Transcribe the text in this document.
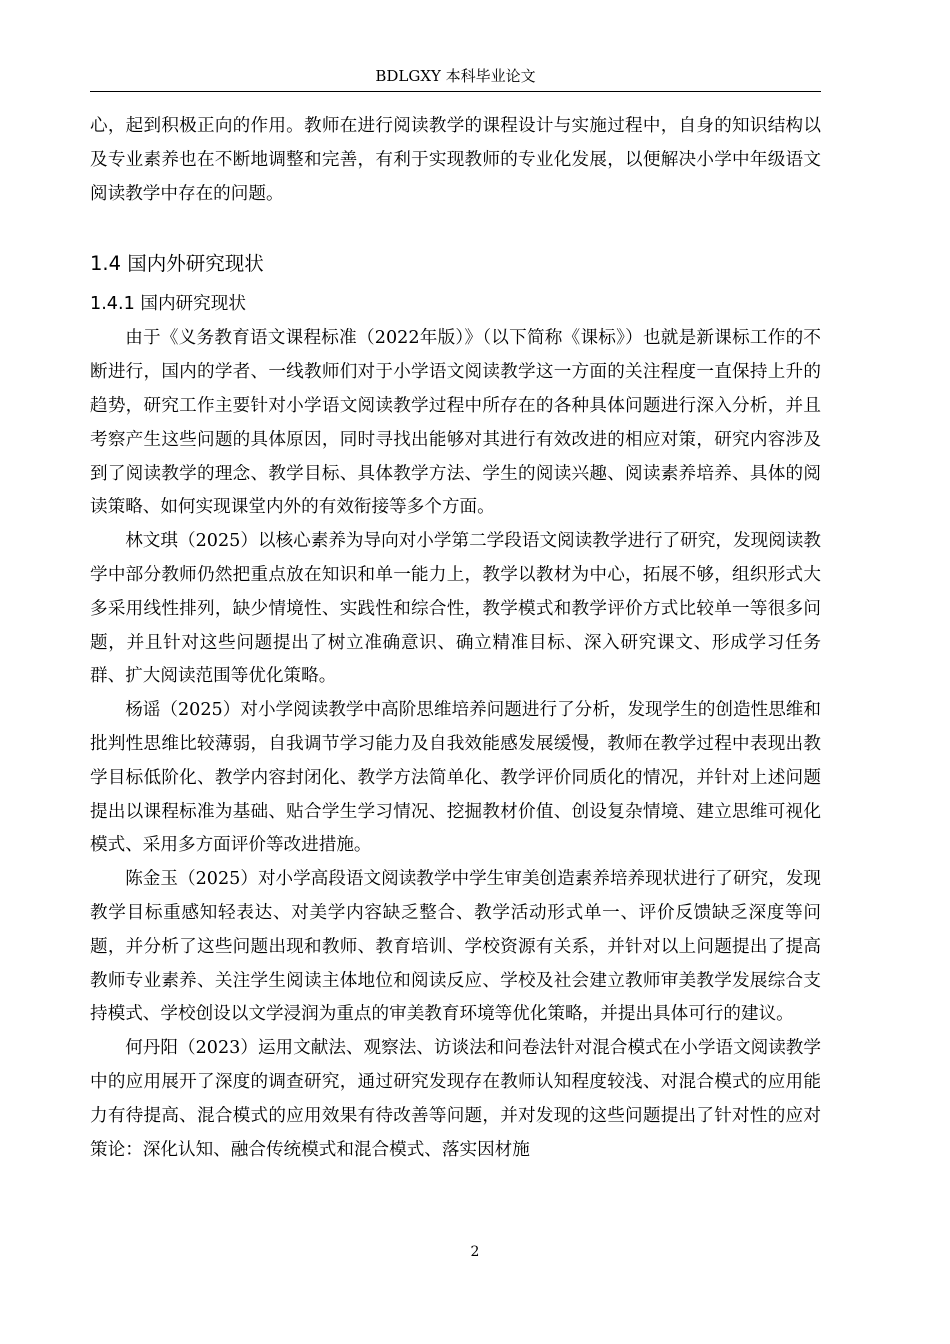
BDLGXY 本科毕业论文

心，起到积极正向的作用。教师在进行阅读教学的课程设计与实施过程中，自身的知识结构以及专业素养也在不断地调整和完善，有利于实现教师的专业化发展，以便解决小学中年级语文阅读教学中存在的问题。

1.4 国内外研究现状
1.4.1 国内研究现状

由于《义务教育语文课程标准（2022年版）》（以下简称《课标》）也就是新课标工作的不断进行，国内的学者、一线教师们对于小学语文阅读教学这一方面的关注程度一直保持上升的趋势，研究工作主要针对小学语文阅读教学过程中所存在的各种具体问题进行深入分析，并且考察产生这些问题的具体原因，同时寻找出能够对其进行有效改进的相应对策，研究内容涉及到了阅读教学的理念、教学目标、具体教学方法、学生的阅读兴趣、阅读素养培养、具体的阅读策略、如何实现课堂内外的有效衔接等多个方面。

林文琪（2025）以核心素养为导向对小学第二学段语文阅读教学进行了研究，发现阅读教学中部分教师仍然把重点放在知识和单一能力上，教学以教材为中心，拓展不够，组织形式大多采用线性排列，缺少情境性、实践性和综合性，教学模式和教学评价方式比较单一等很多问题，并且针对这些问题提出了树立准确意识、确立精准目标、深入研究课文、形成学习任务群、扩大阅读范围等优化策略。

杨谣（2025）对小学阅读教学中高阶思维培养问题进行了分析，发现学生的创造性思维和批判性思维比较薄弱，自我调节学习能力及自我效能感发展缓慢，教师在教学过程中表现出教学目标低阶化、教学内容封闭化、教学方法简单化、教学评价同质化的情况，并针对上述问题提出以课程标准为基础、贴合学生学习情况、挖掘教材价值、创设复杂情境、建立思维可视化模式、采用多方面评价等改进措施。

陈金玉（2025）对小学高段语文阅读教学中学生审美创造素养培养现状进行了研究，发现教学目标重感知轻表达、对美学内容缺乏整合、教学活动形式单一、评价反馈缺乏深度等问题，并分析了这些问题出现和教师、教育培训、学校资源有关系，并针对以上问题提出了提高教师专业素养、关注学生阅读主体地位和阅读反应、学校及社会建立教师审美教学发展综合支持模式、学校创设以文学浸润为重点的审美教育环境等优化策略，并提出具体可行的建议。

何丹阳（2023）运用文献法、观察法、访谈法和问卷法针对混合模式在小学语文阅读教学中的应用展开了深度的调查研究，通过研究发现存在教师认知程度较浅、对混合模式的应用能力有待提高、混合模式的应用效果有待改善等问题，并对发现的这些问题提出了针对性的应对策论：深化认知、融合传统模式和混合模式、落实因材施

2
